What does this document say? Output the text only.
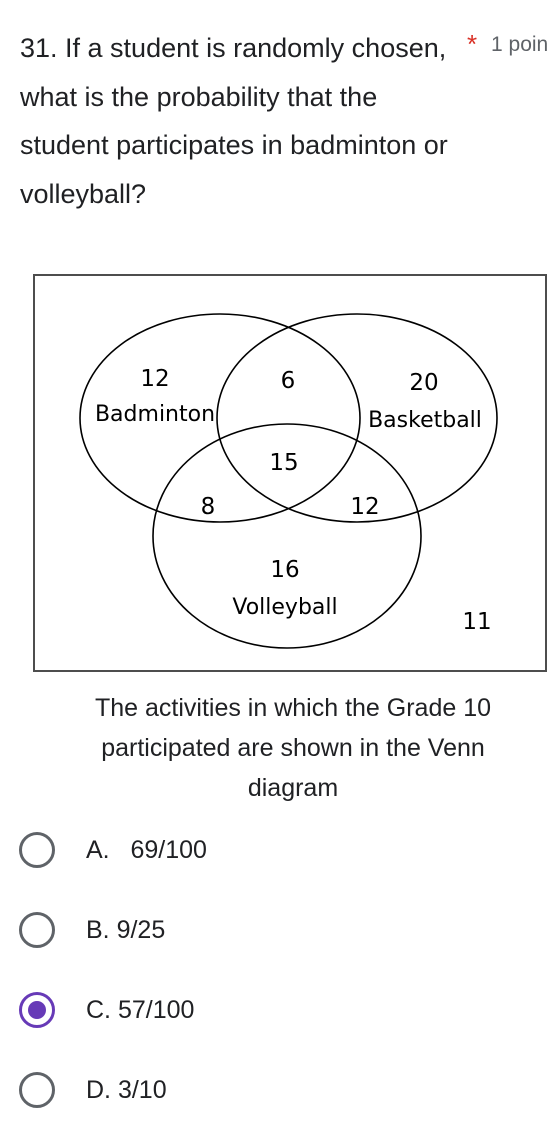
31. If a student is randomly chosen, what is the probability that the student participates in badminton or volleyball?

* 1 poin
12	6	20
Badminton	Basketball
15
8	12
16
Volleyball
11
The activities in which the Grade 10
participated are shown in the Venn
diagram
A.   69/100
B. 9/25
C. 57/100
D. 3/10
